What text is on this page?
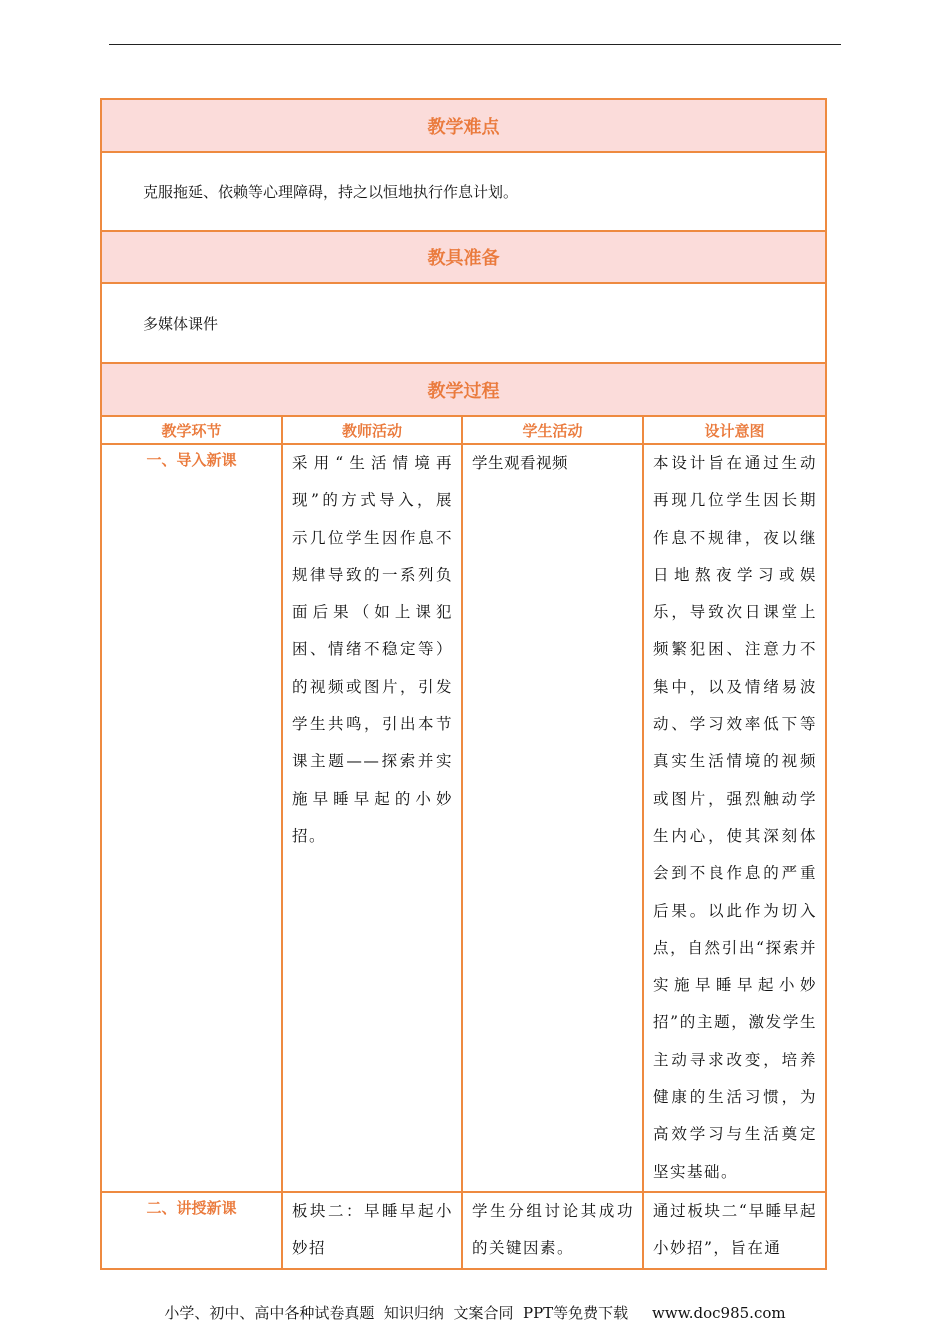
教学难点			
克服拖延、依赖等心理障碍，持之以恒地执行作息计划。			
教具准备			
多媒体课件			
教学过程			
教学环节	教师活动	学生活动	设计意图
一、导入新课	采用“生活情境再现”的方式导入，展示几位学生因作息不规律导致的一系列负面后果（如上课犯困、情绪不稳定等）的视频或图片，引发学生共鸣，引出本节课主题——探索并实施早睡早起的小妙招。	学生观看视频	本设计旨在通过生动再现几位学生因长期作息不规律，夜以继日地熬夜学习或娱乐，导致次日课堂上频繁犯困、注意力不集中，以及情绪易波动、学习效率低下等真实生活情境的视频或图片，强烈触动学生内心，使其深刻体会到不良作息的严重后果。以此作为切入点，自然引出“探索并实施早睡早起小妙招”的主题，激发学生主动寻求改变，培养健康的生活习惯，为高效学习与生活奠定坚实基础。
二、讲授新课	板块二：早睡早起小妙招	学生分组讨论其成功的关键因素。	通过板块二“早睡早起小妙招”，旨在通
小学、初中、高中各种试卷真题  知识归纳  文案合同  PPT等免费下载     www.doc985.com
